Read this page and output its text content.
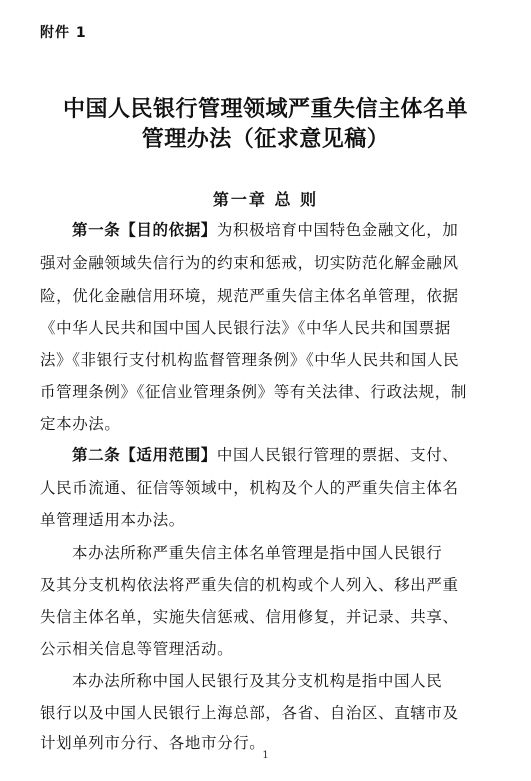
附件 1
中国人民银行管理领域严重失信主体名单
管理办法（征求意见稿）
第一章 总 则
第一条【目的依据】为积极培育中国特色金融文化，加
强对金融领域失信行为的约束和惩戒，切实防范化解金融风
险，优化金融信用环境，规范严重失信主体名单管理，依据
《中华人民共和国中国人民银行法》《中华人民共和国票据
法》《非银行支付机构监督管理条例》《中华人民共和国人民
币管理条例》《征信业管理条例》等有关法律、行政法规，制
定本办法。
第二条【适用范围】中国人民银行管理的票据、支付、
人民币流通、征信等领域中，机构及个人的严重失信主体名
单管理适用本办法。
本办法所称严重失信主体名单管理是指中国人民银行
及其分支机构依法将严重失信的机构或个人列入、移出严重
失信主体名单，实施失信惩戒、信用修复，并记录、共享、
公示相关信息等管理活动。
本办法所称中国人民银行及其分支机构是指中国人民
银行以及中国人民银行上海总部，各省、自治区、直辖市及
计划单列市分行、各地市分行。
1
